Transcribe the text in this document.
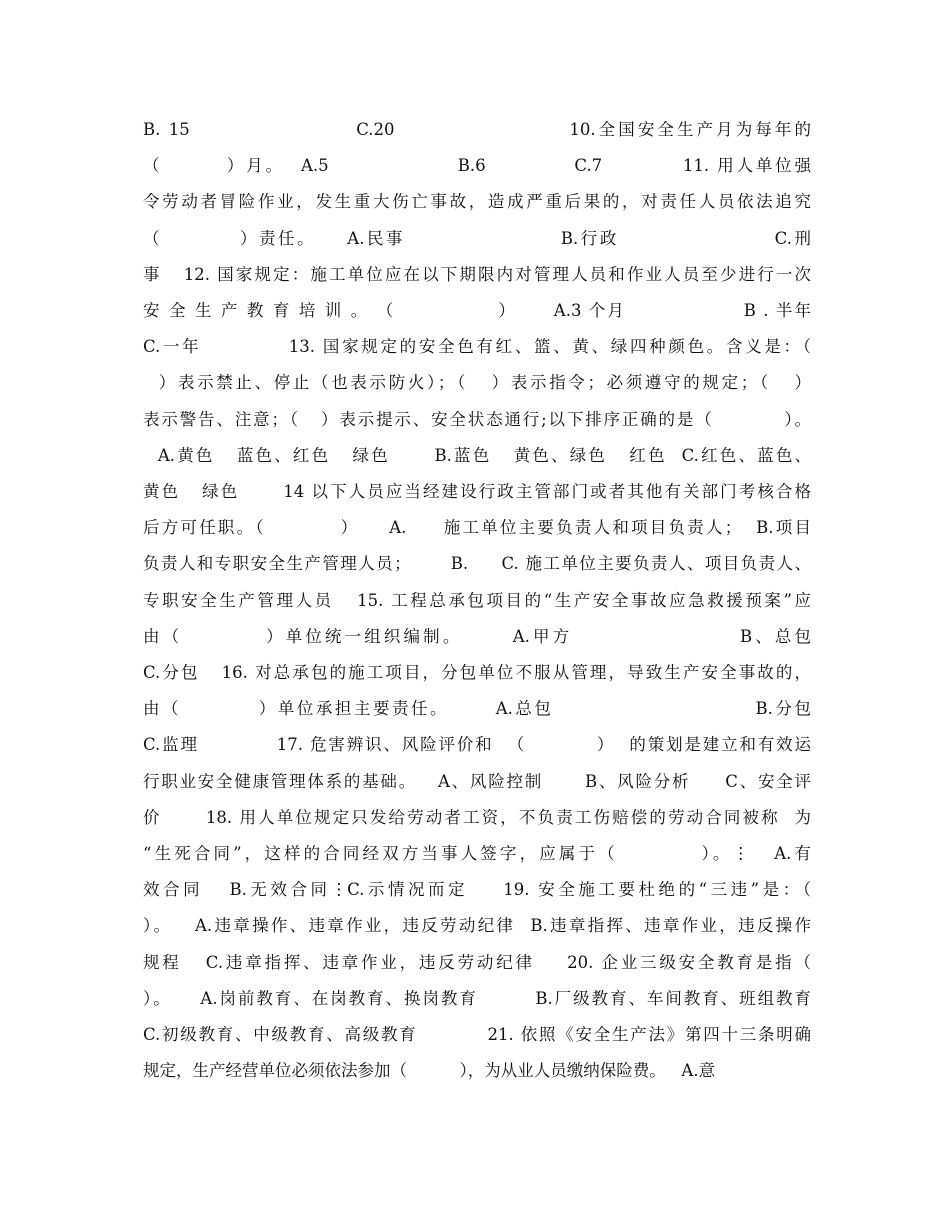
B. 15                    C.20                     10.全国安全生产月为每年的
（        ）月。  A.5                B.6           C.7          11. 用人单位强
令劳动者冒险作业，发生重大伤亡事故，造成严重后果的，对责任人员依法追究
（          ）责任。    A.民事                    B.行政                    C.刑
事   12. 国家规定：施工单位应在以下期限内对管理人员和作业人员至少进行一次
安 全 生 产 教 育 培 训 。 （              ）     A.3 个月                B . 半年
C.一年           13. 国家规定的安全色有红、篮、黄、绿四种颜色。含义是：（
）表示禁止、停止（也表示防火）；（   ）表示指令；必须遵守的规定；（   ）
表示警告、注意；（   ）表示提示、安全状态通行;以下排序正确的是（          ）。
A.黄色   蓝色、红色   绿色      B.蓝色   黄色、绿色   红色  C.红色、蓝色、
黄色   绿色      14 以下人员应当经建设行政主管部门或者其他有关部门考核合格
后方可任职。（          ）    A.     施工单位主要负责人和项目负责人；  B.项目
负责人和专职安全生产管理人员；      B.     C. 施工单位主要负责人、项目负责人、
专职安全生产管理人员   15. 工程总承包项目的“生产安全事故应急救援预案”应
由（          ）单位统一组织编制。      A.甲方                    B、总包
C.分包   16. 对总承包的施工项目，分包单位不服从管理，导致生产安全事故的，
由（          ）单位承担主要责任。      A.总包                          B.分包
C.监理           17. 危害辨识、风险评价和  （          ）  的策划是建立和有效运
行职业安全健康管理体系的基础。   A、风险控制      B、风险分析     C、安全评
价      18. 用人单位规定只发给劳动者工资，不负责工伤赔偿的劳动合同被称  为
“生死合同”，这样的合同经双方当事人签字，应属于（          ）。⋮   A.有
效合同   B.无效合同⋮C.示情况而定    19. 安全施工要杜绝的“三违”是：（
）。   A.违章操作、违章作业，违反劳动纪律  B.违章指挥、违章作业，违反操作
规程   C.违章指挥、违章作业，违反劳动纪律    20. 企业三级安全教育是指（
）。    A.岗前教育、在岗教育、换岗教育        B.厂级教育、车间教育、班组教育
C.初级教育、中级教育、高级教育          21. 依照《安全生产法》第四十三条明确
规定，生产经营单位必须依法参加（          ），为从业人员缴纳保险费。   A.意
